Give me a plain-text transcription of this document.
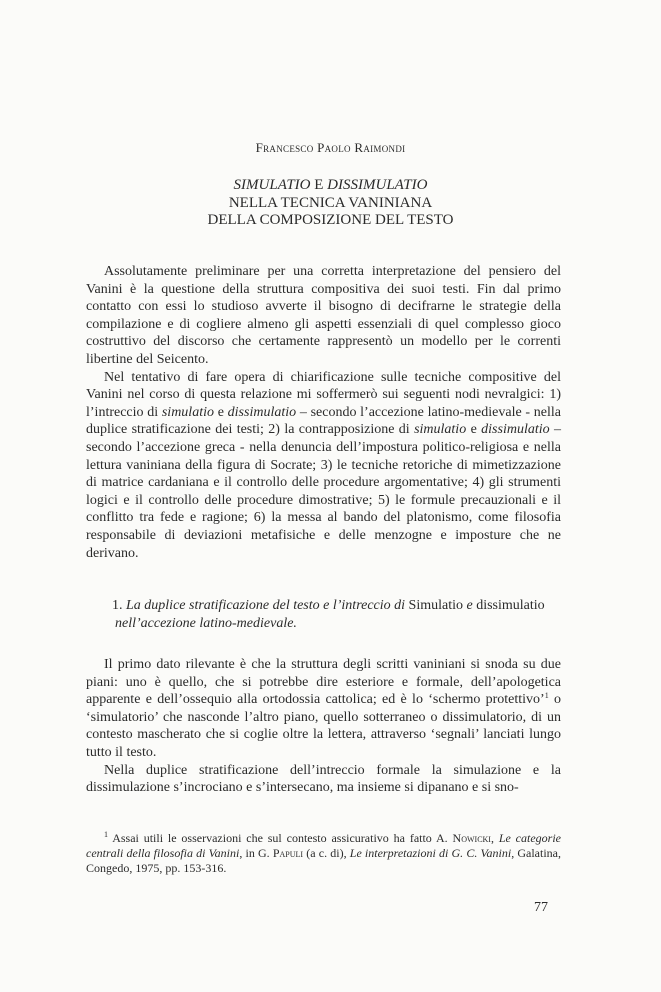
Francesco Paolo Raimondi
SIMULATIO E DISSIMULATIO
NELLA TECNICA VANINIANA
DELLA COMPOSIZIONE DEL TESTO

Assolutamente preliminare per una corretta interpretazione del pensiero del Vanini è la questione della struttura compositiva dei suoi testi. Fin dal primo contatto con essi lo studioso avverte il bisogno di decifrarne le strategie della compilazione e di cogliere almeno gli aspetti essenziali di quel complesso gioco costruttivo del discorso che certamente rappresentò un modello per le correnti libertine del Seicento.

Nel tentativo di fare opera di chiarificazione sulle tecniche compositive del Vanini nel corso di questa relazione mi soffermerò sui seguenti nodi nevralgici: 1) l’intreccio di simulatio e dissimulatio – secondo l’accezione latino-medievale - nella duplice stratificazione dei testi; 2) la contrapposizione di simulatio e dissimulatio – secondo l’accezione greca - nella denuncia dell’impostura politico-religiosa e nella lettura vaniniana della figura di Socrate; 3) le tecniche retoriche di mimetizzazione di matrice cardaniana e il controllo delle procedure argomentative; 4) gli strumenti logici e il controllo delle procedure dimostrative; 5) le formule precauzionali e il conflitto tra fede e ragione; 6) la messa al bando del platonismo, come filosofia responsabile di deviazioni metafisiche e delle menzogne e imposture che ne derivano.

1. La duplice stratificazione del testo e l’intreccio di Simulatio e dissimulatio
nell’accezione latino-medievale.

Il primo dato rilevante è che la struttura degli scritti vaniniani si snoda su due piani: uno è quello, che si potrebbe dire esteriore e formale, dell’apologetica apparente e dell’ossequio alla ortodossia cattolica; ed è lo ‘schermo protettivo’$^1$ o ‘simulatorio’ che nasconde l’altro piano, quello sotterraneo o dissimulatorio, di un contesto mascherato che si coglie oltre la lettera, attraverso ‘segnali’ lanciati lungo tutto il testo.

Nella duplice stratificazione dell’intreccio formale la simulazione e la dissimulazione s’incrociano e s’intersecano, ma insieme si dipanano e si sno-

$^1$ Assai utili le osservazioni che sul contesto assicurativo ha fatto A. Nowicki, Le categorie centrali della filosofia di Vanini, in G. Papuli (a c. di), Le interpretazioni di G. C. Vanini, Galatina, Congedo, 1975, pp. 153-316.

77
